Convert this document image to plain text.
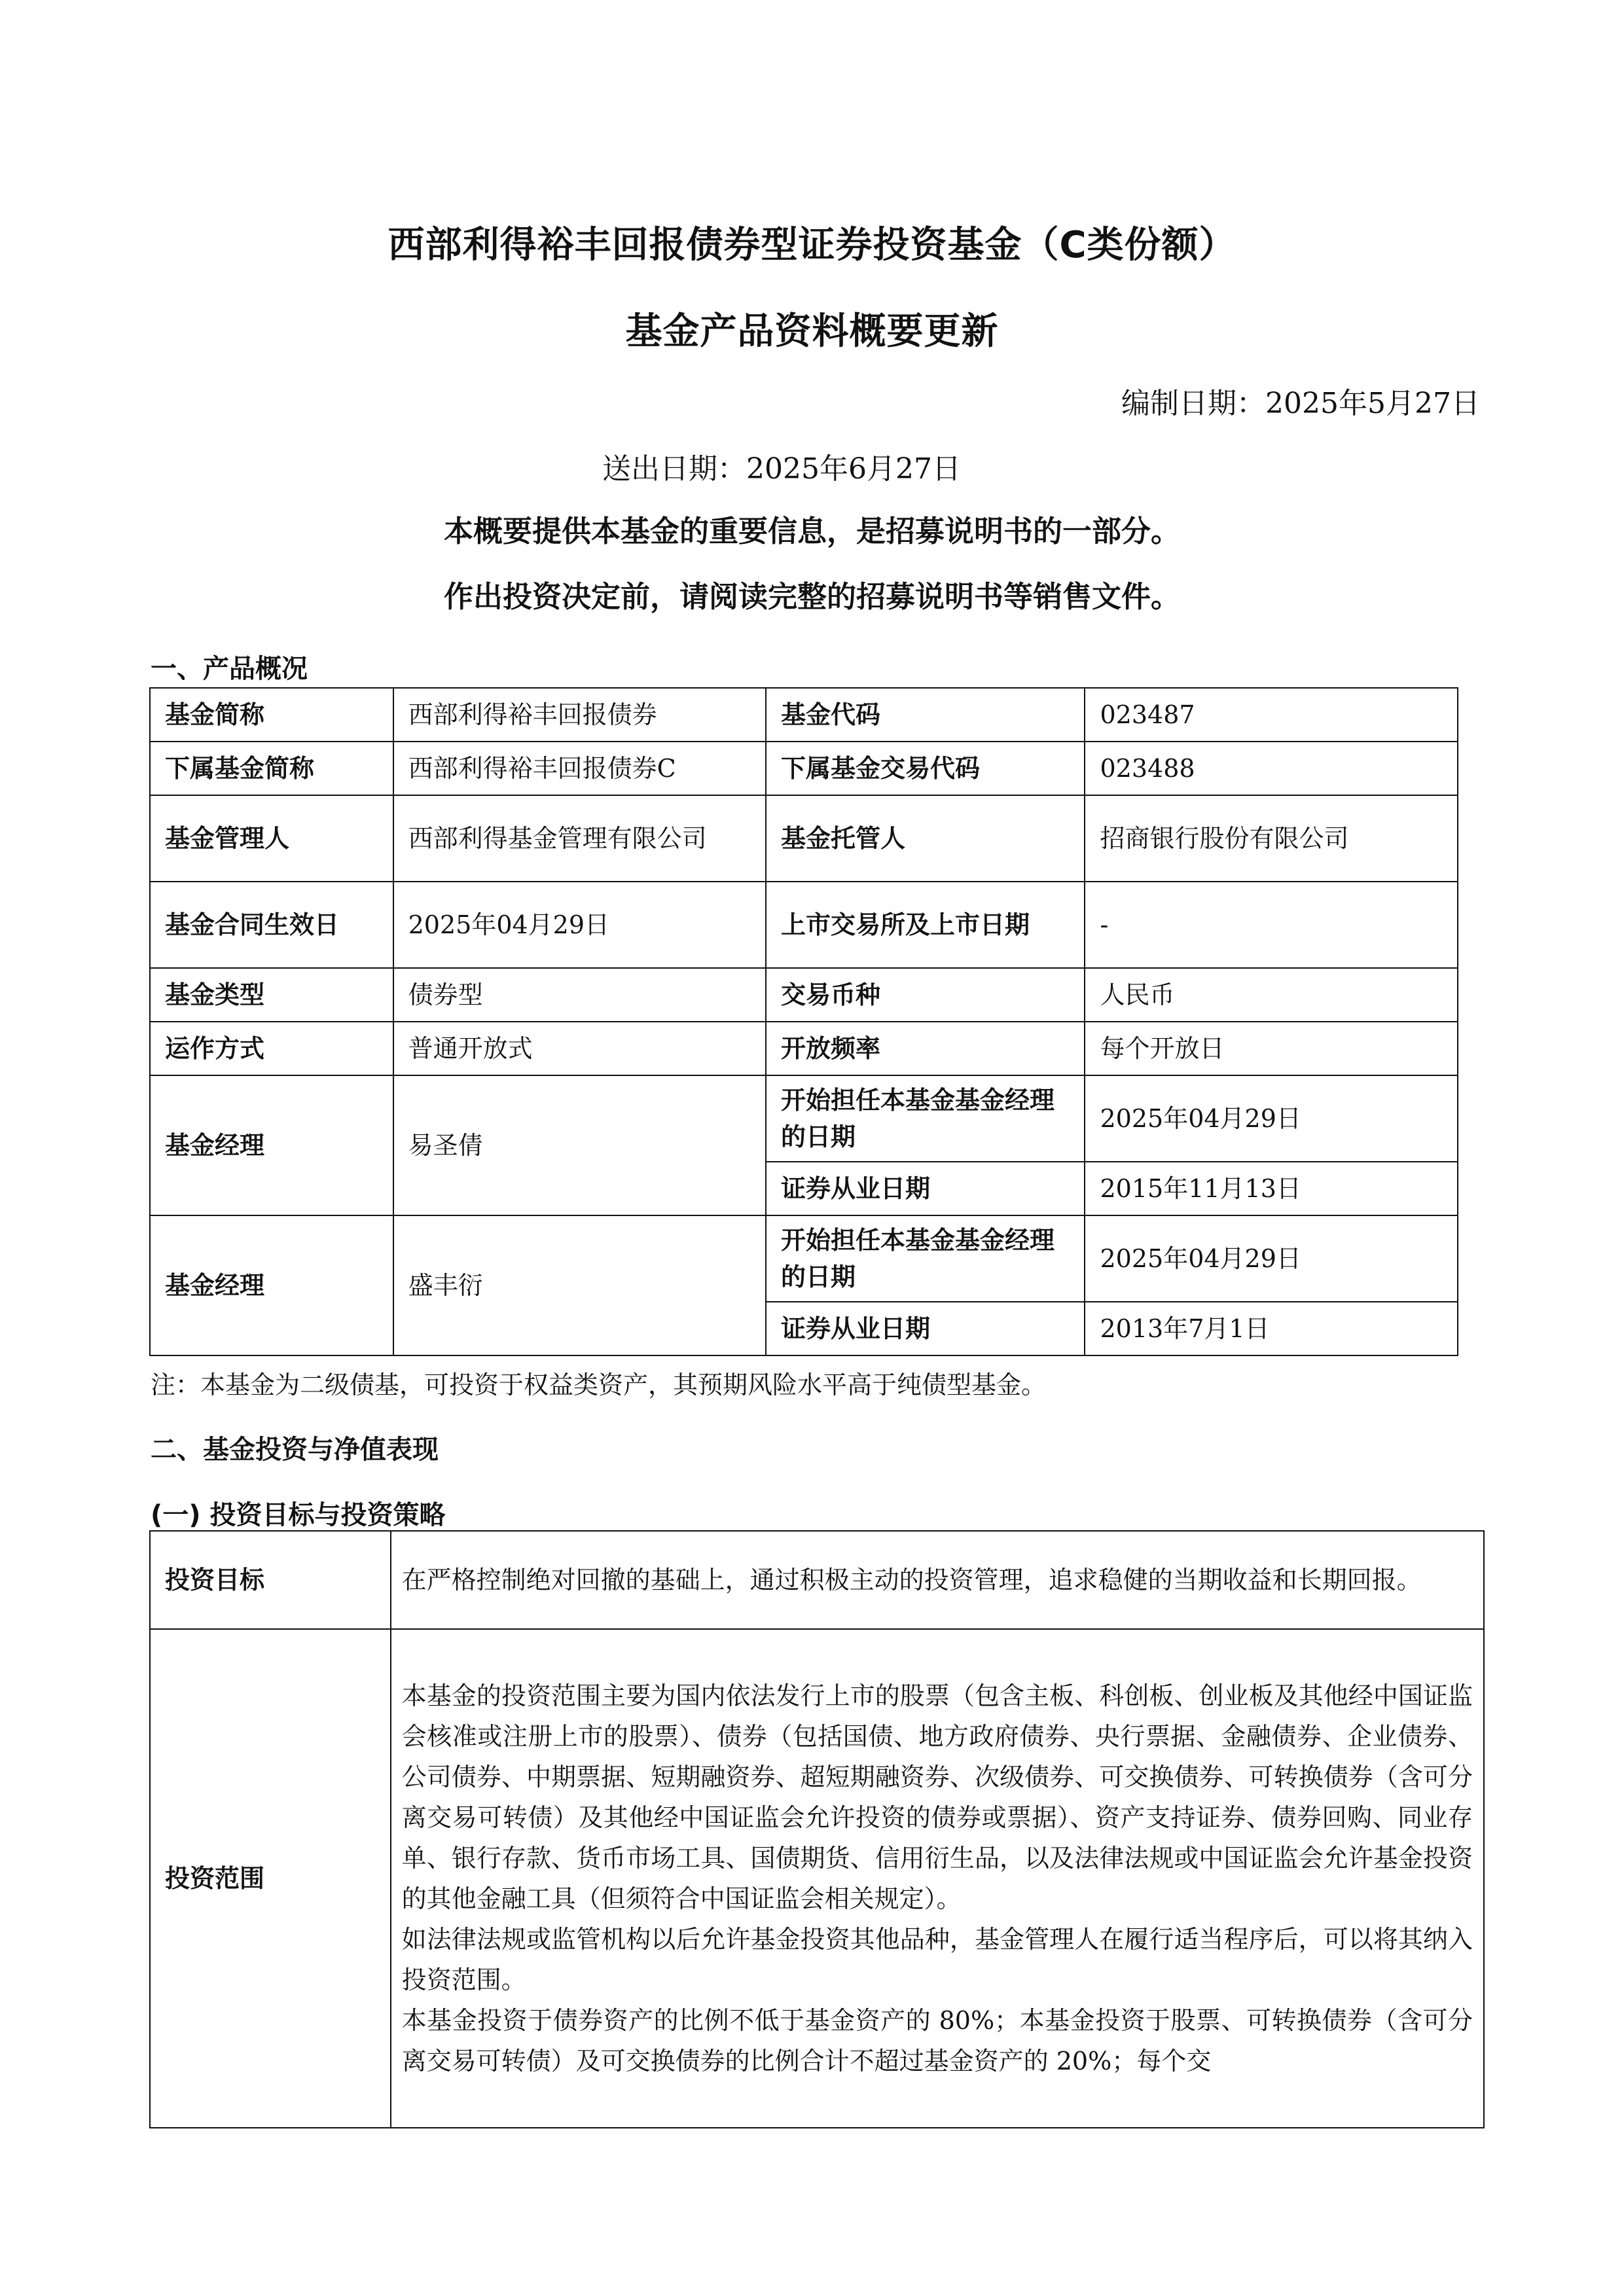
西部利得裕丰回报债券型证券投资基金（C类份额）
基金产品资料概要更新
编制日期：2025年5月27日
送出日期：2025年6月27日
本概要提供本基金的重要信息，是招募说明书的一部分。
作出投资决定前，请阅读完整的招募说明书等销售文件。
一、产品概况
基金简称	西部利得裕丰回报债券	基金代码	023487
下属基金简称	西部利得裕丰回报债券C	下属基金交易代码	023488
基金管理人	西部利得基金管理有限公司	基金托管人	招商银行股份有限公司
基金合同生效日	2025年04月29日	上市交易所及上市日期	-
基金类型	债券型	交易币种	人民币
运作方式	普通开放式	开放频率	每个开放日
基金经理	易圣倩	开始担任本基金基金经理的日期	2025年04月29日
		证券从业日期	2015年11月13日
基金经理	盛丰衍	开始担任本基金基金经理的日期	2025年04月29日
		证券从业日期	2013年7月1日
注：本基金为二级债基，可投资于权益类资产，其预期风险水平高于纯债型基金。
二、基金投资与净值表现
(一) 投资目标与投资策略
投资目标	在严格控制绝对回撤的基础上，通过积极主动的投资管理，追求稳健的当期收益和长期回报。
投资范围	本基金的投资范围主要为国内依法发行上市的股票（包含主板、科创板、创业板及其他经中国证监会核准或注册上市的股票）、债券（包括国债、地方政府债券、央行票据、金融债券、企业债券、公司债券、中期票据、短期融资券、超短期融资券、次级债券、可交换债券、可转换债券（含可分离交易可转债）及其他经中国证监会允许投资的债券或票据）、资产支持证券、债券回购、同业存单、银行存款、货币市场工具、国债期货、信用衍生品，以及法律法规或中国证监会允许基金投资的其他金融工具（但须符合中国证监会相关规定）。
如法律法规或监管机构以后允许基金投资其他品种，基金管理人在履行适当程序后，可以将其纳入投资范围。
本基金投资于债券资产的比例不低于基金资产的 80%；本基金投资于股票、可转换债券（含可分离交易可转债）及可交换债券的比例合计不超过基金资产的 20%；每个交
